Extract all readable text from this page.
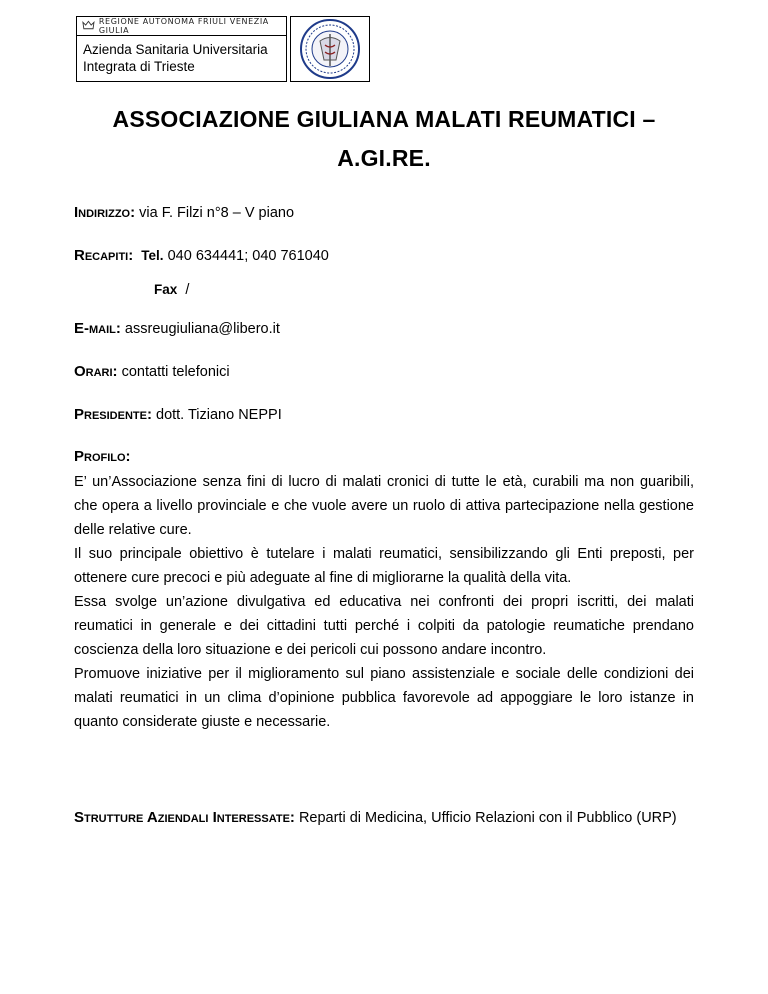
REGIONE AUTONOMA FRIULI VENEZIA GIULIA
Azienda Sanitaria Universitaria
Integrata di Trieste
ASSOCIAZIONE GIULIANA MALATI REUMATICI –
A.GI.RE.
Indirizzo: via F. Filzi n°8 – V piano
Recapiti: Tel. 040 634441; 040 761040
Fax /
E-mail: assreugiuliana@libero.it
Orari: contatti telefonici
Presidente: dott. Tiziano NEPPI
Profilo:

E’ un’Associazione senza fini di lucro di malati cronici di tutte le età, curabili ma non guaribili, che opera a livello provinciale e che vuole avere un ruolo di attiva partecipazione nella gestione delle relative cure.

Il suo principale obiettivo è tutelare i malati reumatici, sensibilizzando gli Enti preposti, per ottenere cure precoci e più adeguate al fine di migliorarne la qualità della vita.

Essa svolge un’azione divulgativa ed educativa nei confronti dei propri iscritti, dei malati reumatici in generale e dei cittadini tutti perché i colpiti da patologie reumatiche prendano coscienza della loro situazione e dei pericoli cui possono andare incontro.

Promuove iniziative per il miglioramento sul piano assistenziale e sociale delle condizioni dei malati reumatici in un clima d’opinione pubblica favorevole ad appoggiare le loro istanze in quanto considerate giuste e necessarie.

Strutture Aziendali Interessate: Reparti di Medicina, Ufficio Relazioni con il Pubblico (URP)
